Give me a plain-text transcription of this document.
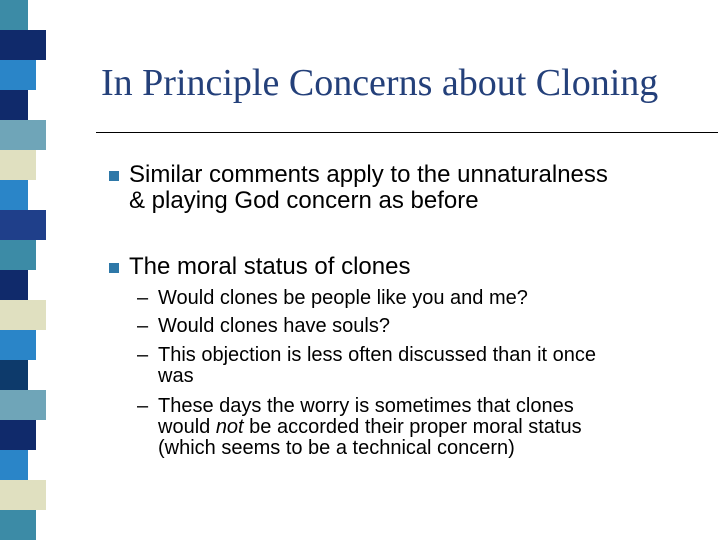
In Principle Concerns about Cloning
Similar comments apply to the unnaturalness
& playing God concern as before
The moral status of clones
– Would clones be people like you and me?
– Would clones have souls?
– This objection is less often discussed than it once
was
– These days the worry is sometimes that clones
would not be accorded their proper moral status
(which seems to be a technical concern)
